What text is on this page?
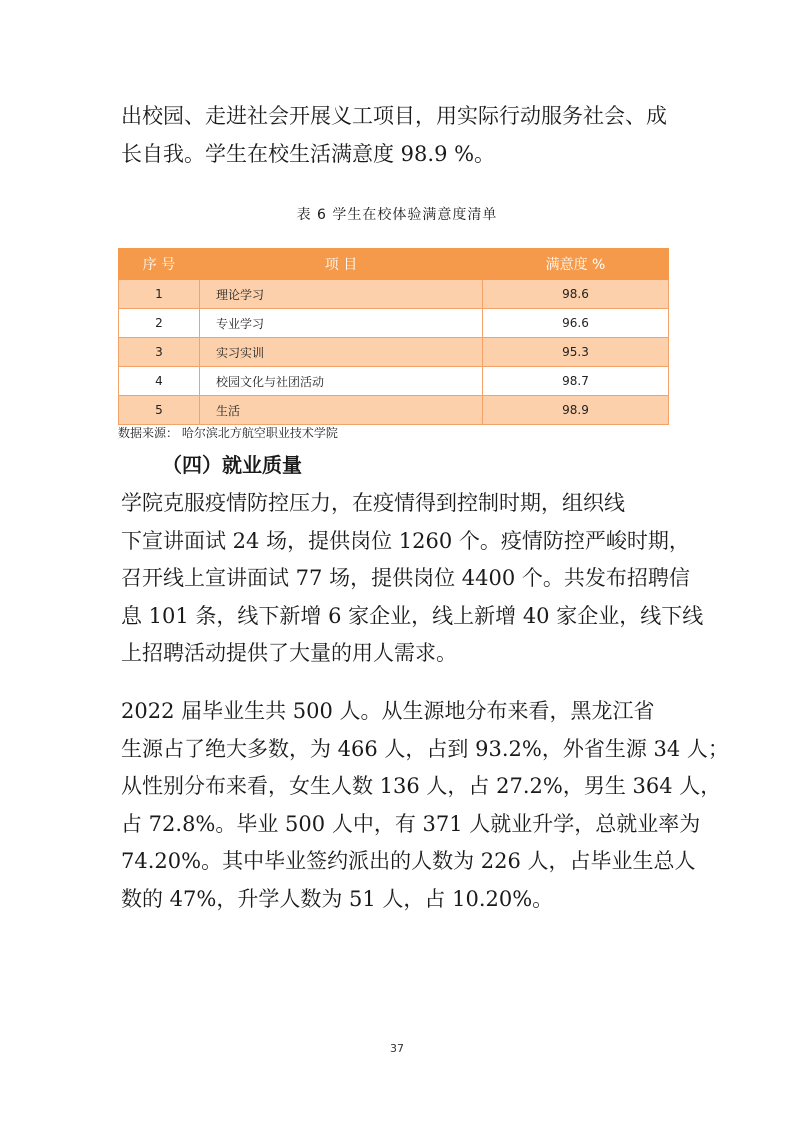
出校园、走进社会开展义工项目，用实际行动服务社会、成
长自我。学生在校生活满意度 98.9 %。

表 6 学生在校体验满意度清单
序 号	项 目	满意度 %
1	理论学习	98.6
2	专业学习	96.6
3	实习实训	95.3
4	校园文化与社团活动	98.7
5	生活	98.9
数据来源： 哈尔滨北方航空职业技术学院
（四）就业质量

学院克服疫情防控压力，在疫情得到控制时期，组织线
下宣讲面试 24 场，提供岗位 1260 个。疫情防控严峻时期，
召开线上宣讲面试 77 场，提供岗位 4400 个。共发布招聘信
息 101 条，线下新增 6 家企业，线上新增 40 家企业，线下线
上招聘活动提供了大量的用人需求。

2022 届毕业生共 500 人。从生源地分布来看，黑龙江省
生源占了绝大多数，为 466 人，占到 93.2%，外省生源 34 人；
从性别分布来看，女生人数 136 人，占 27.2%，男生 364 人，
占 72.8%。毕业 500 人中，有 371 人就业升学，总就业率为
74.20%。其中毕业签约派出的人数为 226 人，占毕业生总人
数的 47%，升学人数为 51 人，占 10.20%。

37
